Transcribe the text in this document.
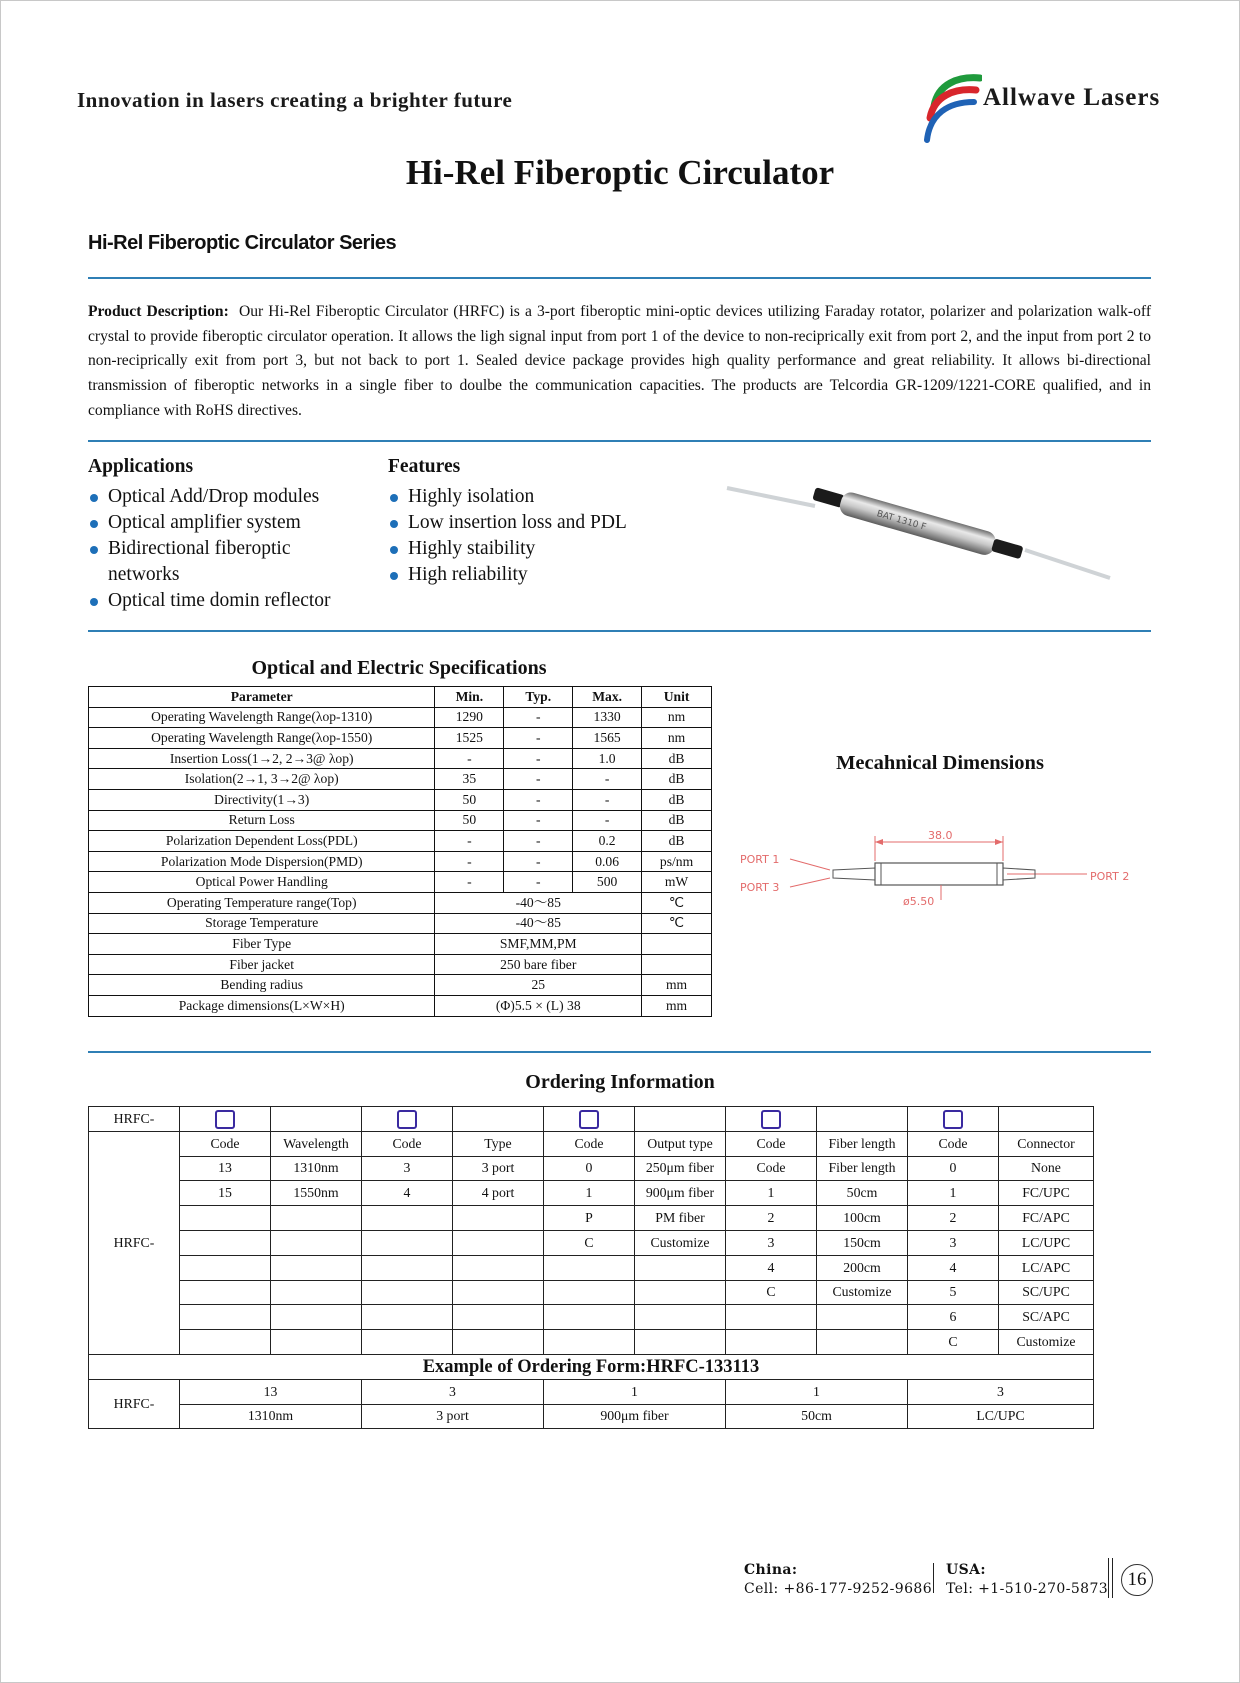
Innovation in lasers creating a brighter future	Allwave Lasers
Hi-Rel Fiberoptic Circulator
Hi-Rel Fiberoptic Circulator Series
Product Description: Our Hi-Rel Fiberoptic Circulator (HRFC) is a 3-port fiberoptic mini-optic devices utilizing Faraday rotator, polarizer and polarization walk-off crystal to provide fiberoptic circulator operation. It allows the ligh signal input from port 1 of the device to non-reciprically exit from port 2, and the input from port 2 to non-reciprically exit from port 3, but not back to port 1. Sealed device package provides high quality performance and great reliability. It allows bi-directional transmission of fiberoptic networks in a single fiber to doulbe the communication capacities. The products are Telcordia GR-1209/1221-CORE qualified, and in compliance with RoHS directives.
Applications
Optical Add/Drop modules
Optical amplifier system
Bidirectional fiberoptic networks
Optical time domin reflector
Features
Highly isolation
Low insertion loss and PDL
Highly staibility
High reliability
BAT 1310 F
Optical and Electric Specifications
Parameter	Min.	Typ.	Max.	Unit
Operating Wavelength Range(λop-1310)	1290	-	1330	nm
Operating Wavelength Range(λop-1550)	1525	-	1565	nm
Insertion Loss(1→2, 2→3@ λop)	-	-	1.0	dB
Isolation(2→1, 3→2@ λop)	35	-	-	dB
Directivity(1→3)	50	-	-	dB
Return Loss	50	-	-	dB
Polarization Dependent Loss(PDL)	-	-	0.2	dB
Polarization Mode Dispersion(PMD)	-	-	0.06	ps/nm
Optical Power Handling	-	-	500	mW
Operating Temperature range(Top)	-40～85			℃
Storage Temperature	-40～85			℃
Fiber Type	SMF,MM,PM			
Fiber jacket	250 bare fiber			
Bending radius	25			mm
Package dimensions(L×W×H)	(Φ)5.5 × (L) 38			mm
Mecahnical Dimensions
PORT 1
PORT 3
PORT 2
38.0
ø5.50
Ordering Information
HRFC-										
HRFC-	Code	Wavelength	Code	Type	Code	Output type	Code	Fiber length	Code	Connector
	13	1310nm	3	3 port	0	250μm fiber	Code	Fiber length	0	None
	15	1550nm	4	4 port	1	900μm fiber	1	50cm	1	FC/UPC
					P	PM fiber	2	100cm	2	FC/APC
					C	Customize	3	150cm	3	LC/UPC
							4	200cm	4	LC/APC
							C	Customize	5	SC/UPC
									6	SC/APC
									C	Customize
Example of Ordering Form:HRFC-133113										
HRFC-	13		3		1		1		3	
	1310nm		3 port		900μm fiber		50cm		LC/UPC	
China:
Cell: +86-177-9252-9686
USA:
Tel: +1-510-270-5873	16
